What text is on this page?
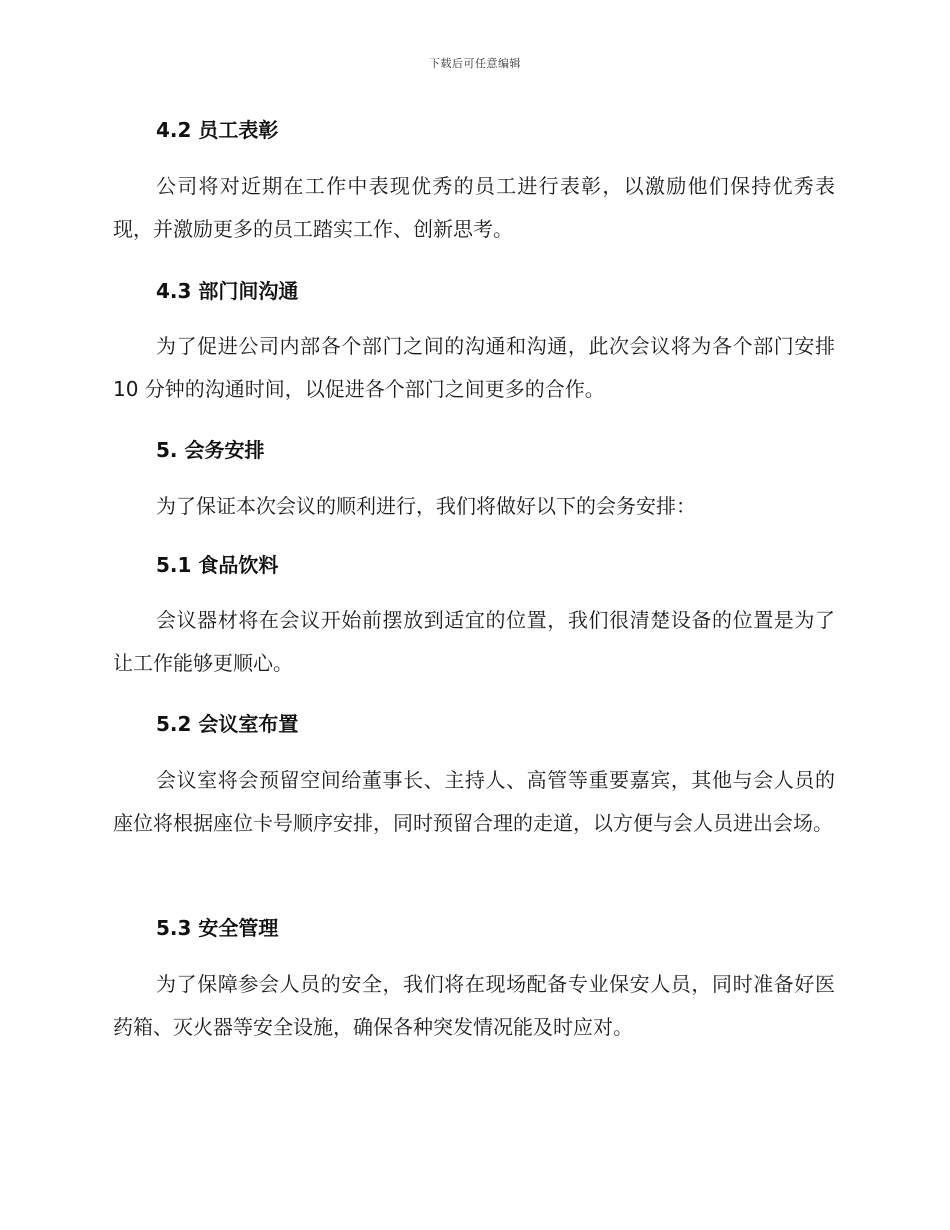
下载后可任意编辑
4.2 员工表彰
公司将对近期在工作中表现优秀的员工进行表彰，以激励他们保持优秀表现，并激励更多的员工踏实工作、创新思考。
4.3 部门间沟通
为了促进公司内部各个部门之间的沟通和沟通，此次会议将为各个部门安排 10 分钟的沟通时间，以促进各个部门之间更多的合作。
5. 会务安排
为了保证本次会议的顺利进行，我们将做好以下的会务安排：
5.1 食品饮料
会议器材将在会议开始前摆放到适宜的位置，我们很清楚设备的位置是为了让工作能够更顺心。
5.2 会议室布置
会议室将会预留空间给董事长、主持人、高管等重要嘉宾，其他与会人员的座位将根据座位卡号顺序安排，同时预留合理的走道，以方便与会人员进出会场。
5.3 安全管理
为了保障参会人员的安全，我们将在现场配备专业保安人员，同时准备好医药箱、灭火器等安全设施，确保各种突发情况能及时应对。
